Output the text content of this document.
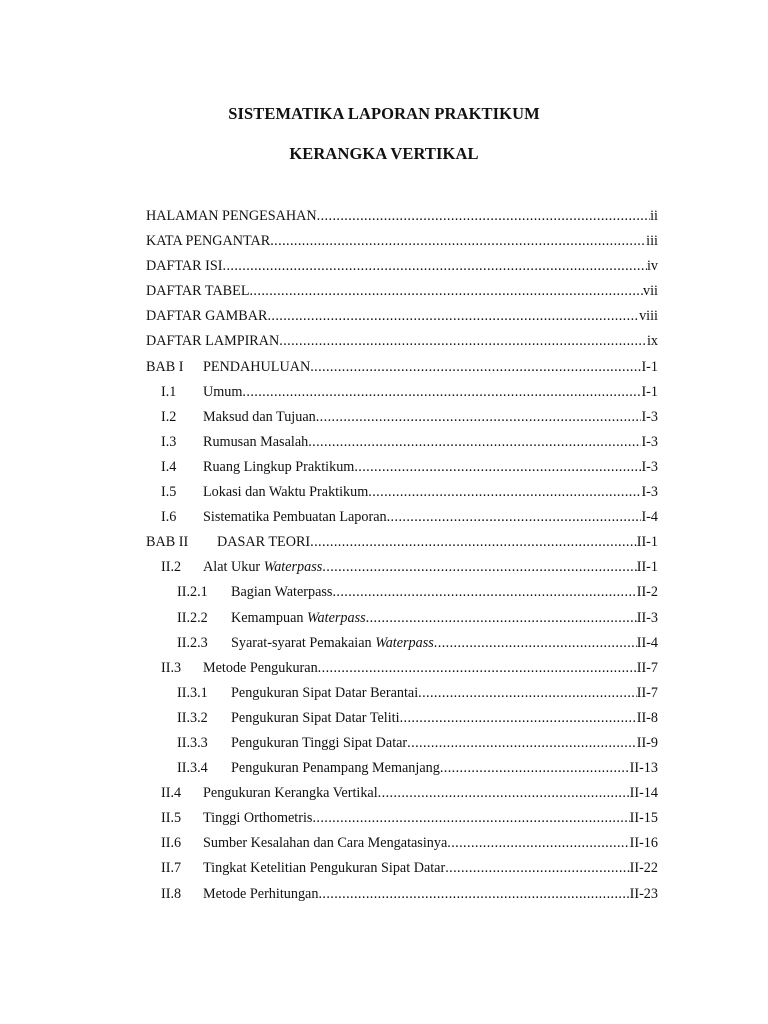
SISTEMATIKA LAPORAN PRAKTIKUM
KERANGKA VERTIKAL
HALAMAN PENGESAHAN .....	ii
KATA PENGANTAR .....	iii
DAFTAR ISI .....	iv
DAFTAR TABEL .....	vii
DAFTAR GAMBAR .....	viii
DAFTAR LAMPIRAN .....	ix
BAB I	PENDAHULUAN .....	I-1
I.1	Umum .....	I-1
I.2	Maksud dan Tujuan .....	I-3
I.3	Rumusan Masalah .....	I-3
I.4	Ruang Lingkup Praktikum .....	I-3
I.5	Lokasi dan Waktu Praktikum .....	I-3
I.6	Sistematika Pembuatan Laporan .....	I-4
BAB II	DASAR TEORI .....	II-1
II.2	Alat Ukur Waterpass .....	II-1
II.2.1	Bagian Waterpass .....	II-2
II.2.2	Kemampuan Waterpass .....	II-3
II.2.3	Syarat-syarat Pemakaian Waterpass .....	II-4
II.3	Metode Pengukuran .....	II-7
II.3.1	Pengukuran Sipat Datar Berantai .....	II-7
II.3.2	Pengukuran Sipat Datar Teliti .....	II-8
II.3.3	Pengukuran Tinggi Sipat Datar .....	II-9
II.3.4	Pengukuran Penampang Memanjang .....	II-13
II.4	Pengukuran Kerangka Vertikal .....	II-14
II.5	Tinggi Orthometris .....	II-15
II.6	Sumber Kesalahan dan Cara Mengatasinya .....	II-16
II.7	Tingkat Ketelitian Pengukuran Sipat Datar .....	II-22
II.8	Metode Perhitungan .....	II-23
